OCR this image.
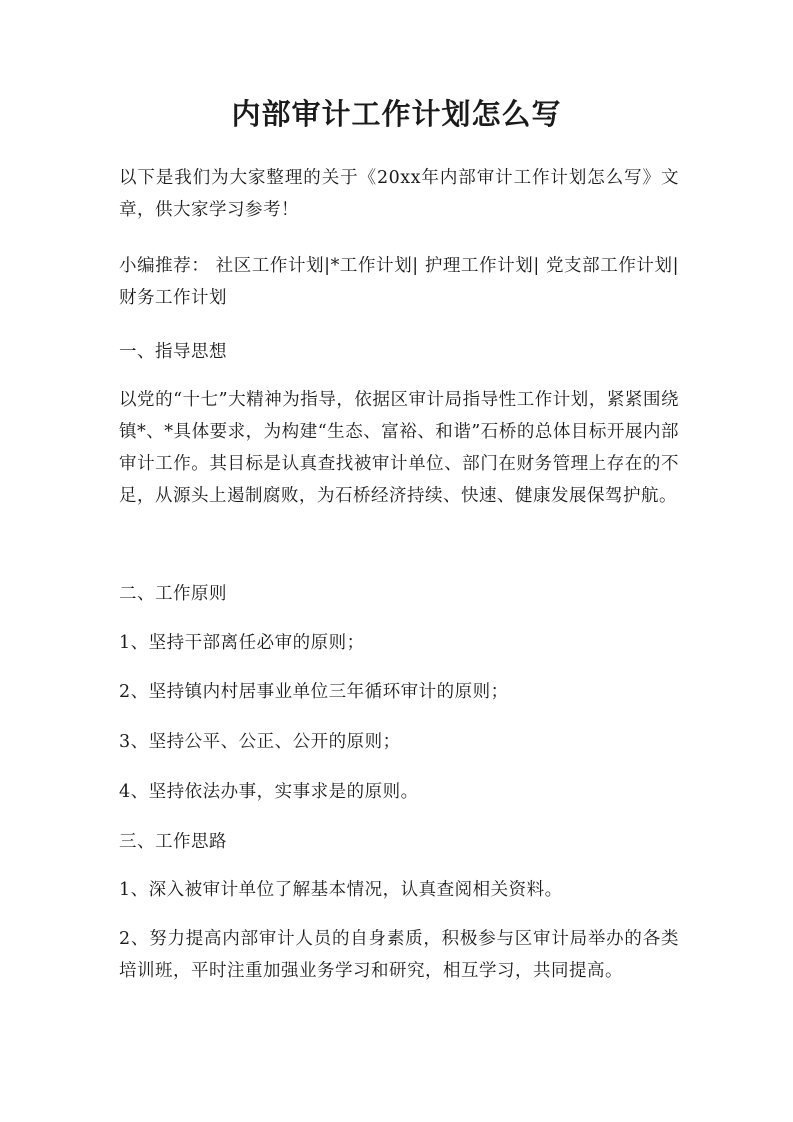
内部审计工作计划怎么写

以下是我们为大家整理的关于《20xx年内部审计工作计划怎么写》文章，供大家学习参考！

小编推荐： 社区工作计划|*工作计划| 护理工作计划| 党支部工作计划| 财务工作计划

一、指导思想

以党的“十七”大精神为指导，依据区审计局指导性工作计划，紧紧围绕镇*、*具体要求，为构建“生态、富裕、和谐”石桥的总体目标开展内部审计工作。其目标是认真查找被审计单位、部门在财务管理上存在的不足，从源头上遏制腐败，为石桥经济持续、快速、健康发展保驾护航。

二、工作原则

1、坚持干部离任必审的原则；

2、坚持镇内村居事业单位三年循环审计的原则；

3、坚持公平、公正、公开的原则；

4、坚持依法办事，实事求是的原则。

三、工作思路

1、深入被审计单位了解基本情况，认真查阅相关资料。

2、努力提高内部审计人员的自身素质，积极参与区审计局举办的各类培训班，平时注重加强业务学习和研究，相互学习，共同提高。
